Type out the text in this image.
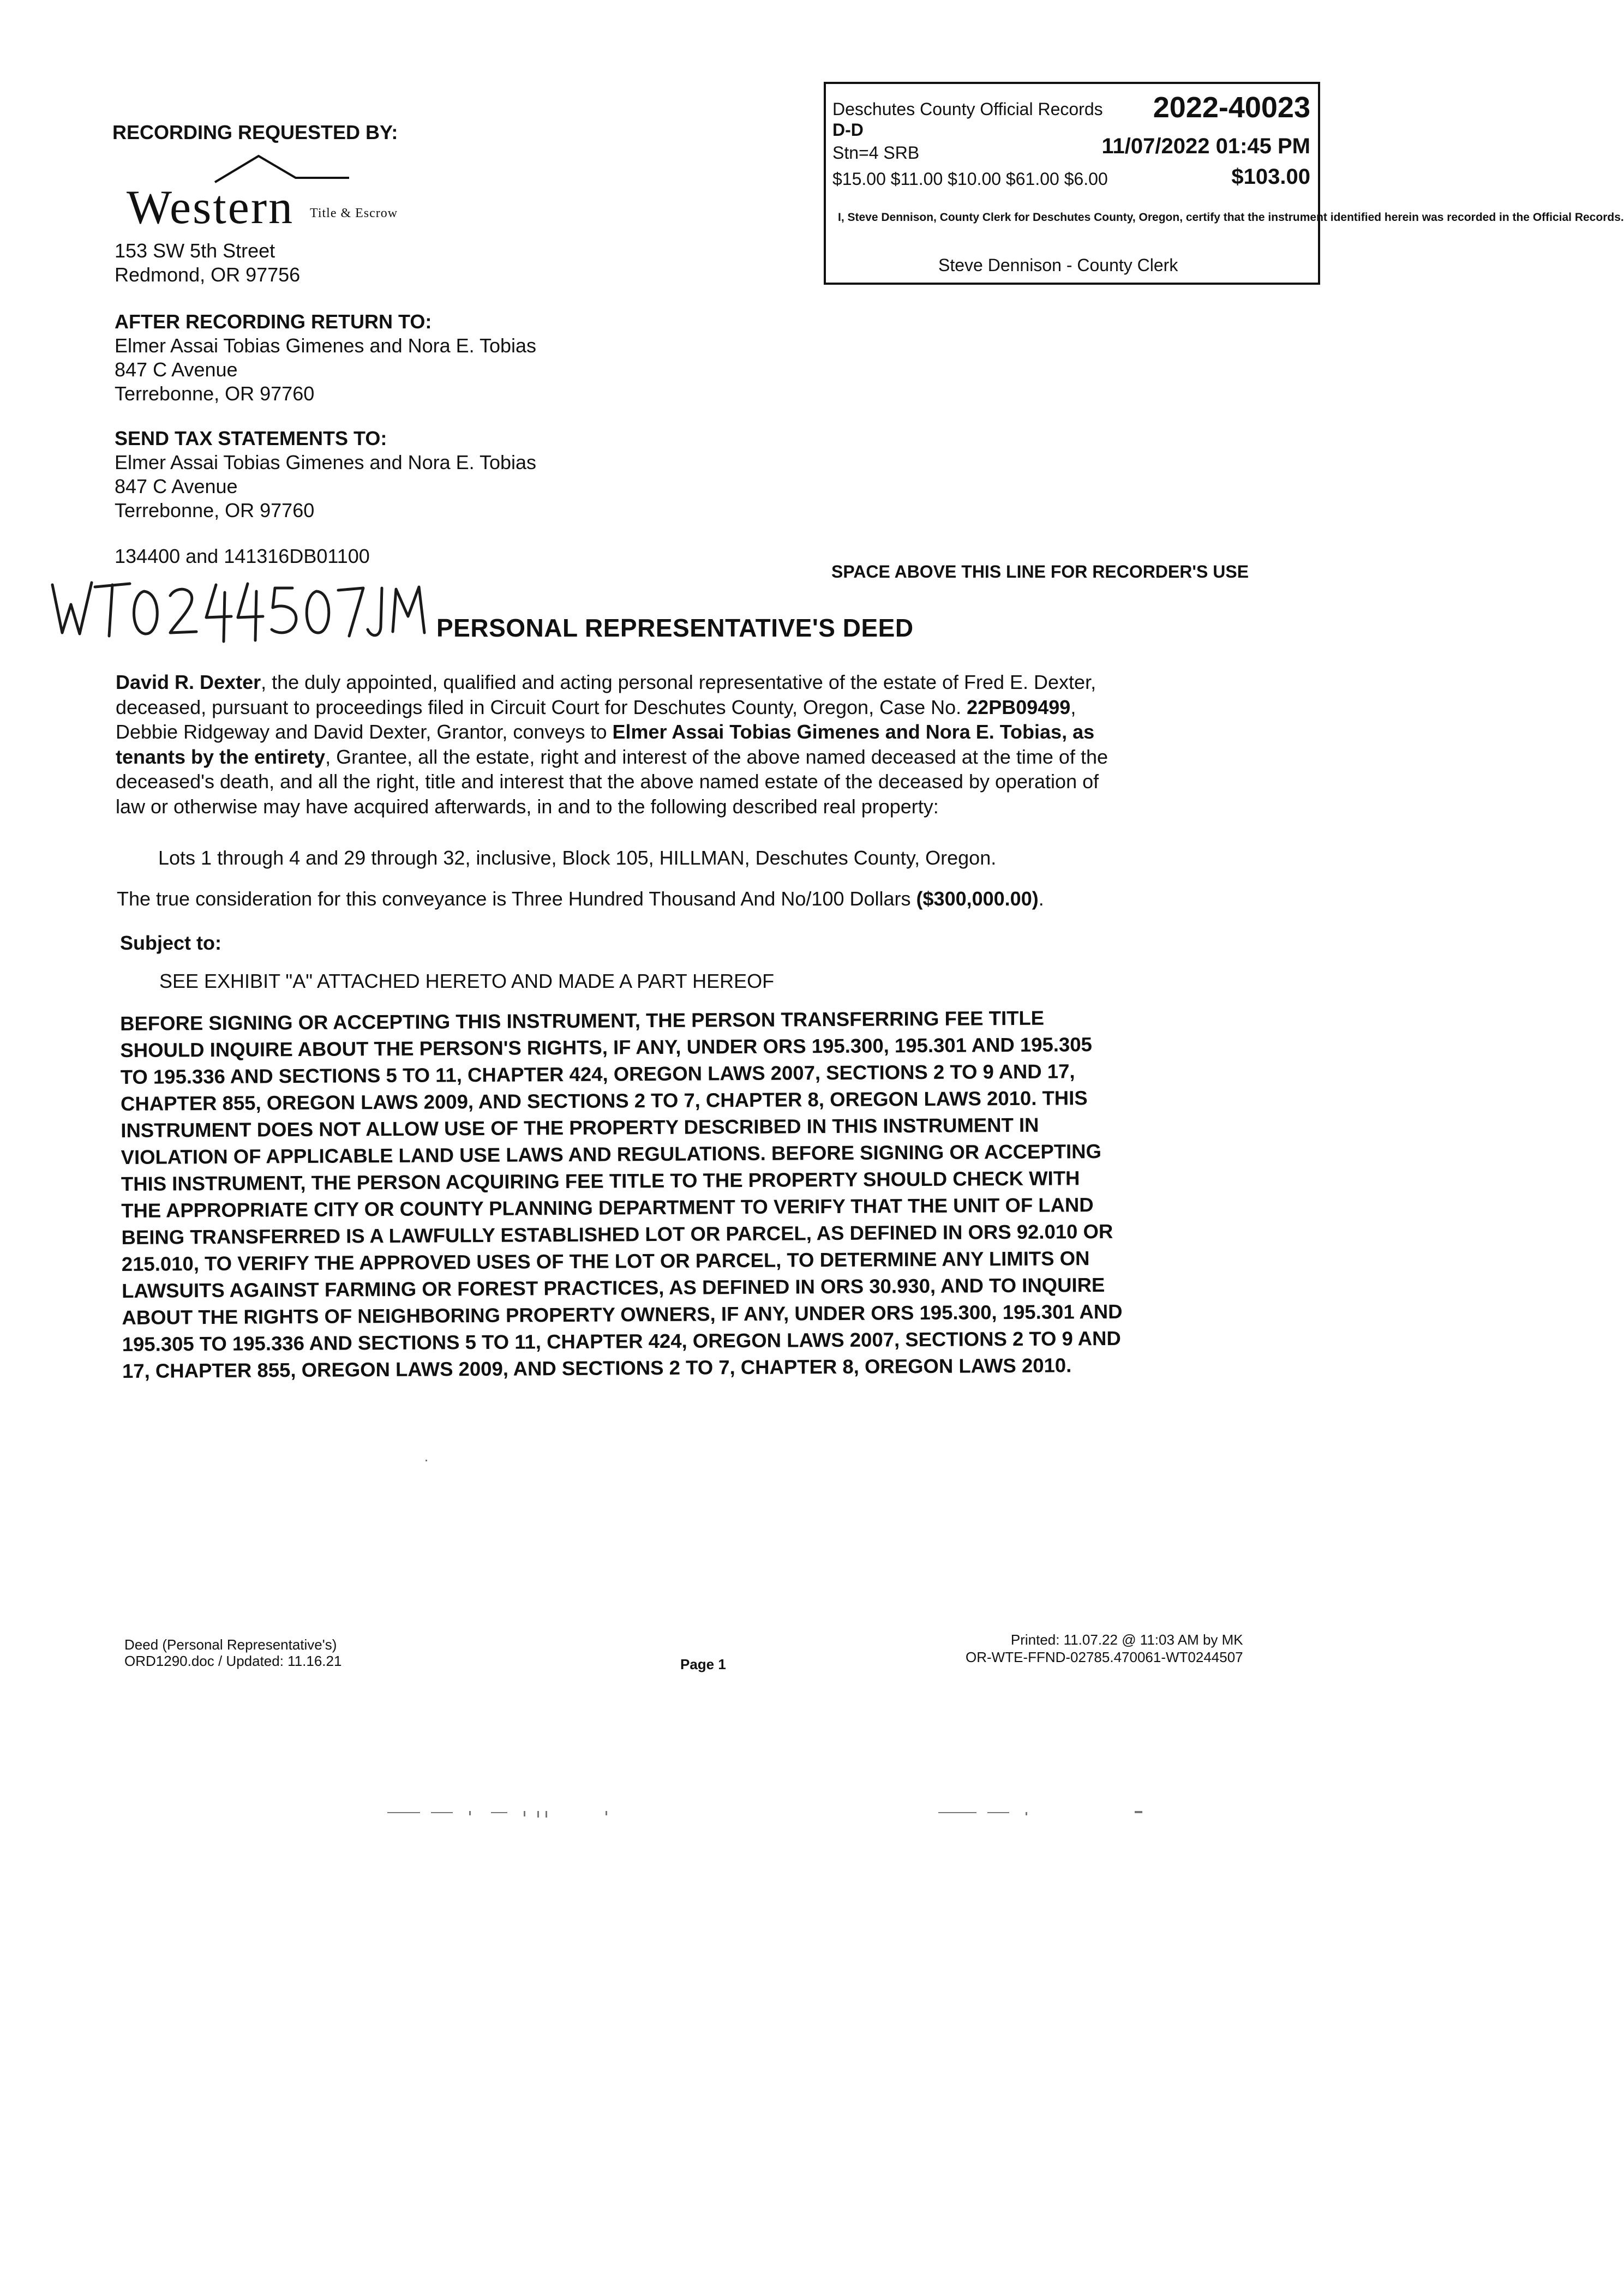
RECORDING REQUESTED BY:
Western Title & Escrow
153 SW 5th Street
Redmond, OR 97756
AFTER RECORDING RETURN TO:
Elmer Assai Tobias Gimenes and Nora E. Tobias
847 C Avenue
Terrebonne, OR 97760
SEND TAX STATEMENTS TO:
Elmer Assai Tobias Gimenes and Nora E. Tobias
847 C Avenue
Terrebonne, OR 97760
134400 and 141316DB01100
Deschutes County Official Records 2022-40023
D-D
Stn=4 SRB	11/07/2022 01:45 PM
$15.00 $11.00 $10.00 $61.00 $6.00	$103.00
I, Steve Dennison, County Clerk for Deschutes County, Oregon, certify that the instrument identified herein was recorded in the Official Records.
Steve Dennison - County Clerk
SPACE ABOVE THIS LINE FOR RECORDER'S USE
PERSONAL REPRESENTATIVE'S DEED
David R. Dexter, the duly appointed, qualified and acting personal representative of the estate of Fred E. Dexter,
deceased, pursuant to proceedings filed in Circuit Court for Deschutes County, Oregon, Case No. 22PB09499,
Debbie Ridgeway and David Dexter, Grantor, conveys to Elmer Assai Tobias Gimenes and Nora E. Tobias, as
tenants by the entirety, Grantee, all the estate, right and interest of the above named deceased at the time of the
deceased's death, and all the right, title and interest that the above named estate of the deceased by operation of
law or otherwise may have acquired afterwards, in and to the following described real property:
Lots 1 through 4 and 29 through 32, inclusive, Block 105, HILLMAN, Deschutes County, Oregon.
The true consideration for this conveyance is Three Hundred Thousand And No/100 Dollars ($300,000.00).
Subject to:
SEE EXHIBIT "A" ATTACHED HERETO AND MADE A PART HEREOF
BEFORE SIGNING OR ACCEPTING THIS INSTRUMENT, THE PERSON TRANSFERRING FEE TITLE
SHOULD INQUIRE ABOUT THE PERSON'S RIGHTS, IF ANY, UNDER ORS 195.300, 195.301 AND 195.305
TO 195.336 AND SECTIONS 5 TO 11, CHAPTER 424, OREGON LAWS 2007, SECTIONS 2 TO 9 AND 17,
CHAPTER 855, OREGON LAWS 2009, AND SECTIONS 2 TO 7, CHAPTER 8, OREGON LAWS 2010. THIS
INSTRUMENT DOES NOT ALLOW USE OF THE PROPERTY DESCRIBED IN THIS INSTRUMENT IN
VIOLATION OF APPLICABLE LAND USE LAWS AND REGULATIONS. BEFORE SIGNING OR ACCEPTING
THIS INSTRUMENT, THE PERSON ACQUIRING FEE TITLE TO THE PROPERTY SHOULD CHECK WITH
THE APPROPRIATE CITY OR COUNTY PLANNING DEPARTMENT TO VERIFY THAT THE UNIT OF LAND
BEING TRANSFERRED IS A LAWFULLY ESTABLISHED LOT OR PARCEL, AS DEFINED IN ORS 92.010 OR
215.010, TO VERIFY THE APPROVED USES OF THE LOT OR PARCEL, TO DETERMINE ANY LIMITS ON
LAWSUITS AGAINST FARMING OR FOREST PRACTICES, AS DEFINED IN ORS 30.930, AND TO INQUIRE
ABOUT THE RIGHTS OF NEIGHBORING PROPERTY OWNERS, IF ANY, UNDER ORS 195.300, 195.301 AND
195.305 TO 195.336 AND SECTIONS 5 TO 11, CHAPTER 424, OREGON LAWS 2007, SECTIONS 2 TO 9 AND
17, CHAPTER 855, OREGON LAWS 2009, AND SECTIONS 2 TO 7, CHAPTER 8, OREGON LAWS 2010.
Deed (Personal Representative's)
ORD1290.doc / Updated: 11.16.21	Page 1
Printed: 11.07.22 @ 11:03 AM by MK
OR-WTE-FFND-02785.470061-WT0244507
